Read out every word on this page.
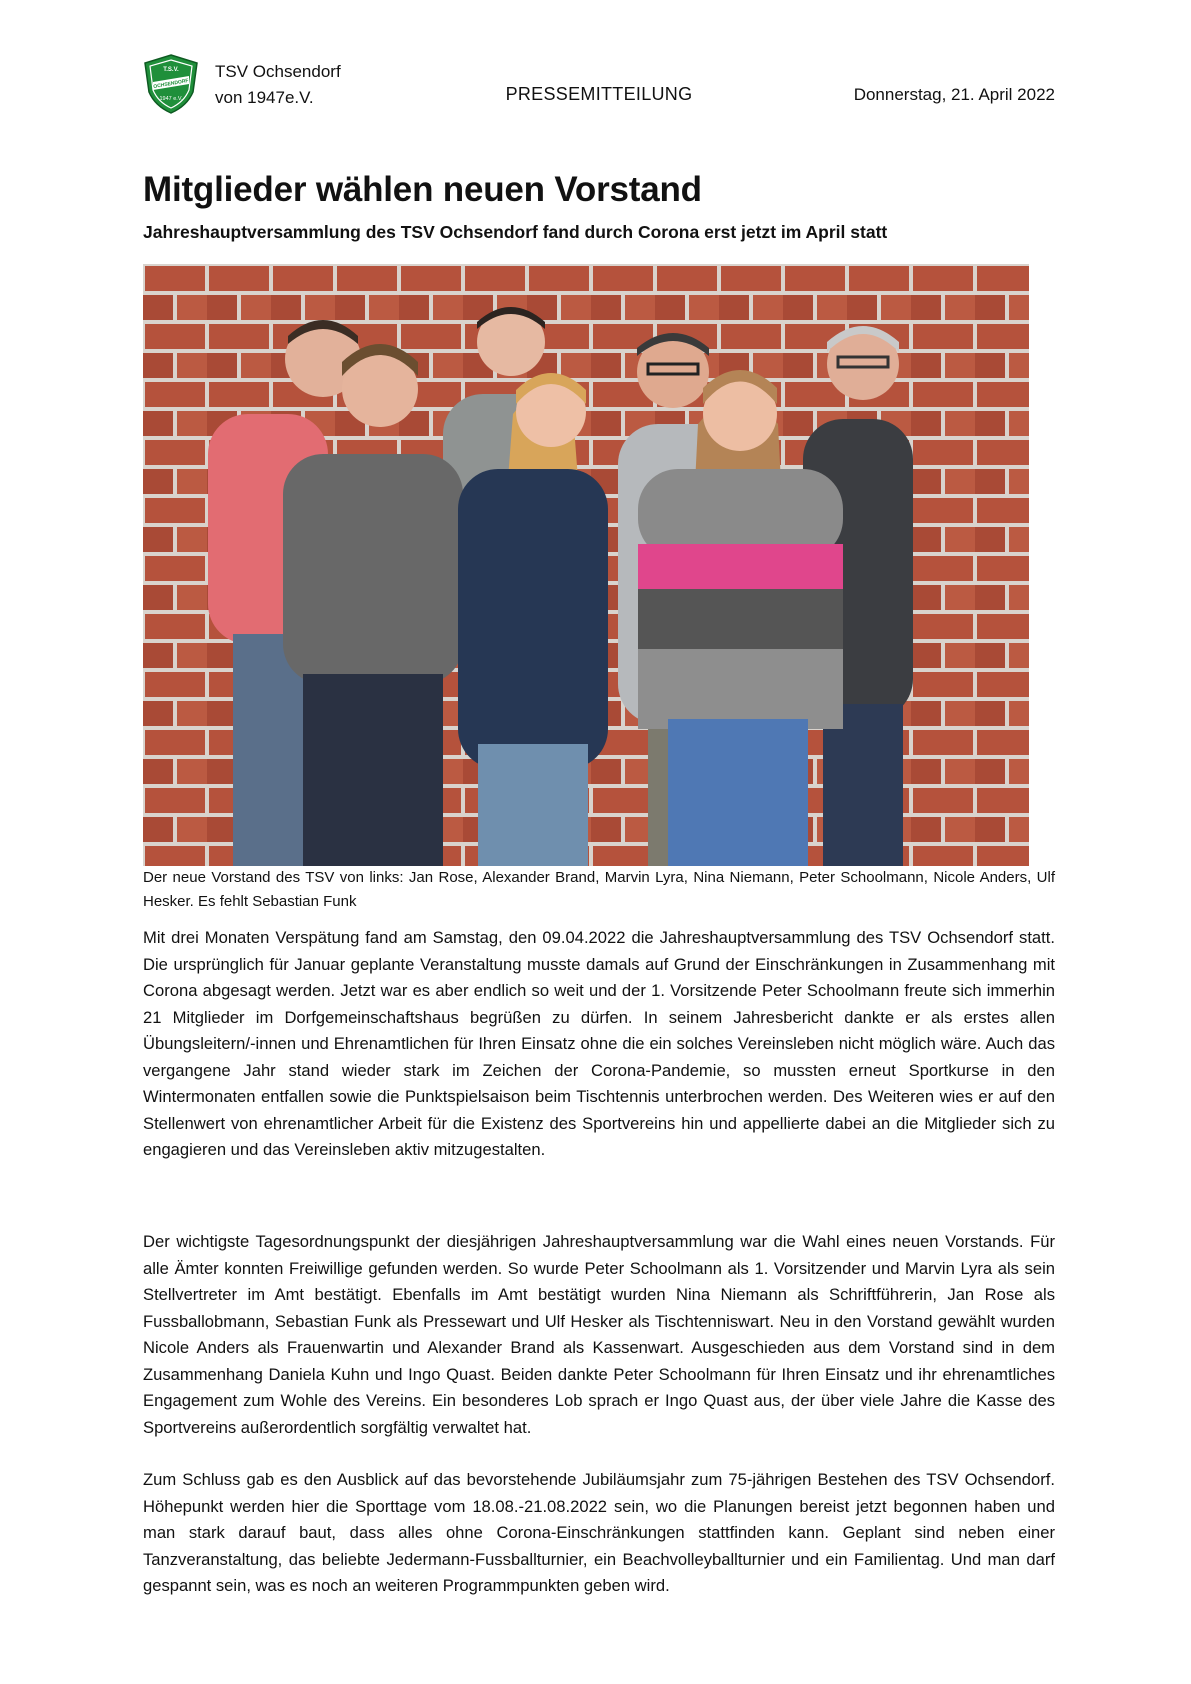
OCHSENDORF
T.S.V.
1947 e.V.
TSV Ochsendorf
von 1947e.V.	PRESSEMITTEILUNG	Donnerstag, 21. April 2022
Mitglieder wählen neuen Vorstand
Jahreshauptversammlung des TSV Ochsendorf fand durch Corona erst jetzt im April statt
Der neue Vorstand des TSV von links: Jan Rose, Alexander Brand, Marvin Lyra, Nina Niemann, Peter Schoolmann, Nicole Anders, Ulf Hesker. Es fehlt Sebastian Funk

Mit drei Monaten Verspätung fand am Samstag, den 09.04.2022 die Jahreshauptversammlung des TSV Ochsendorf statt. Die ursprünglich für Januar geplante Veranstaltung musste damals auf Grund der Einschränkungen in Zusammenhang mit Corona abgesagt werden. Jetzt war es aber endlich so weit und der 1. Vorsitzende Peter Schoolmann freute sich immerhin 21 Mitglieder im Dorfgemeinschaftshaus begrüßen zu dürfen. In seinem Jahresbericht dankte er als erstes allen Übungsleitern/-innen und Ehrenamtlichen für Ihren Einsatz ohne die ein solches Vereinsleben nicht möglich wäre. Auch das vergangene Jahr stand wieder stark im Zeichen der Corona-Pandemie, so mussten erneut Sportkurse in den Wintermonaten entfallen sowie die Punktspielsaison beim Tischtennis unterbrochen werden. Des Weiteren wies er auf den Stellenwert von ehrenamtlicher Arbeit für die Existenz des Sportvereins hin und appellierte dabei an die Mitglieder sich zu engagieren und das Vereinsleben aktiv mitzugestalten.

Der wichtigste Tagesordnungspunkt der diesjährigen Jahreshauptversammlung war die Wahl eines neuen Vorstands. Für alle Ämter konnten Freiwillige gefunden werden. So wurde Peter Schoolmann als 1. Vorsitzender und Marvin Lyra als sein Stellvertreter im Amt bestätigt. Ebenfalls im Amt bestätigt wurden Nina Niemann als Schriftführerin, Jan Rose als Fussballobmann, Sebastian Funk als Pressewart und Ulf Hesker als Tischtenniswart. Neu in den Vorstand gewählt wurden Nicole Anders als Frauenwartin und Alexander Brand als Kassenwart. Ausgeschieden aus dem Vorstand sind in dem Zusammenhang Daniela Kuhn und Ingo Quast. Beiden dankte Peter Schoolmann für Ihren Einsatz und ihr ehrenamtliches Engagement zum Wohle des Vereins. Ein besonderes Lob sprach er Ingo Quast aus, der über viele Jahre die Kasse des Sportvereins außerordentlich sorgfältig verwaltet hat.

Zum Schluss gab es den Ausblick auf das bevorstehende Jubiläumsjahr zum 75-jährigen Bestehen des TSV Ochsendorf. Höhepunkt werden hier die Sporttage vom 18.08.-21.08.2022 sein, wo die Planungen bereist jetzt begonnen haben und man stark darauf baut, dass alles ohne Corona-Einschränkungen stattfinden kann. Geplant sind neben einer Tanzveranstaltung, das beliebte Jedermann-Fussballturnier, ein Beachvolleyballturnier und ein Familientag. Und man darf gespannt sein, was es noch an weiteren Programmpunkten geben wird.
